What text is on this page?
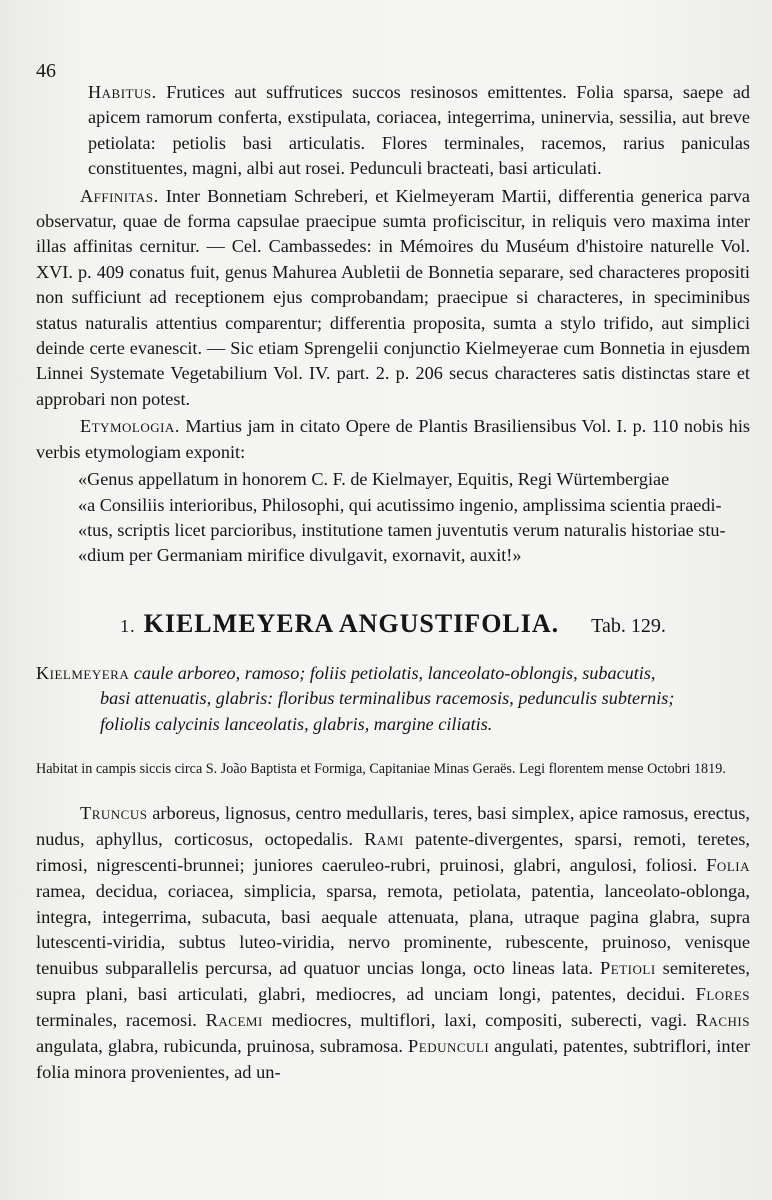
46

Habitus. Frutices aut suffrutices succos resinosos emittentes. Folia sparsa, saepe ad apicem ramorum conferta, exstipulata, coriacea, integerrima, uninervia, sessilia, aut breve petiolata: petiolis basi articulatis. Flores terminales, racemos, rarius paniculas constituentes, magni, albi aut rosei. Pedunculi bracteati, basi articulati.

Affinitas. Inter Bonnetiam Schreberi, et Kielmeyeram Martii, differentia generica parva observatur, quae de forma capsulae praecipue sumta proficiscitur, in reliquis vero maxima inter illas affinitas cernitur. — Cel. Cambassedes: in Mémoires du Muséum d'histoire naturelle Vol. XVI. p. 409 conatus fuit, genus Mahurea Aubletii de Bonnetia separare, sed characteres propositi non sufficiunt ad receptionem ejus comprobandam; praecipue si characteres, in speciminibus status naturalis attentius comparentur; differentia proposita, sumta a stylo trifido, aut simplici deinde certe evanescit. — Sic etiam Sprengelii conjunctio Kielmeyerae cum Bonnetia in ejusdem Linnei Systemate Vegetabilium Vol. IV. part. 2. p. 206 secus characteres satis distinctas stare et approbari non potest.

Etymologia. Martius jam in citato Opere de Plantis Brasiliensibus Vol. I. p. 110 nobis his verbis etymologiam exponit:

«Genus appellatum in honorem C. F. de Kielmayer, Equitis, Regi Würtembergiae
«a Consiliis interioribus, Philosophi, qui acutissimo ingenio, amplissima scientia praedi-
«tus, scriptis licet parcioribus, institutione tamen juventutis verum naturalis historiae stu-
«dium per Germaniam mirifice divulgavit, exornavit, auxit!»
1. KIELMEYERA ANGUSTIFOLIA. Tab. 129.
Kielmeyera caule arboreo, ramoso; foliis petiolatis, lanceolato-oblongis, subacutis,
basi attenuatis, glabris: floribus terminalibus racemosis, pedunculis subternis;
foliolis calycinis lanceolatis, glabris, margine ciliatis.
Habitat in campis siccis circa S. João Baptista et Formiga, Capitaniae Minas Geraës. Legi florentem mense Octobri 1819.

Truncus arboreus, lignosus, centro medullaris, teres, basi simplex, apice ramosus, erectus, nudus, aphyllus, corticosus, octopedalis. Rami patente-divergentes, sparsi, remoti, teretes, rimosi, nigrescenti-brunnei; juniores caeruleo-rubri, pruinosi, glabri, angulosi, foliosi. Folia ramea, decidua, coriacea, simplicia, sparsa, remota, petiolata, patentia, lanceolato-oblonga, integra, integerrima, subacuta, basi aequale attenuata, plana, utraque pagina glabra, supra lutescenti-viridia, subtus luteo-viridia, nervo prominente, rubescente, pruinoso, venisque tenuibus subparallelis percursa, ad quatuor uncias longa, octo lineas lata. Petioli semiteretes, supra plani, basi articulati, glabri, mediocres, ad unciam longi, patentes, decidui. Flores terminales, racemosi. Racemi mediocres, multiflori, laxi, compositi, suberecti, vagi. Rachis angulata, glabra, rubicunda, pruinosa, subramosa. Pedunculi angulati, patentes, subtriflori, inter folia minora provenientes, ad un-
